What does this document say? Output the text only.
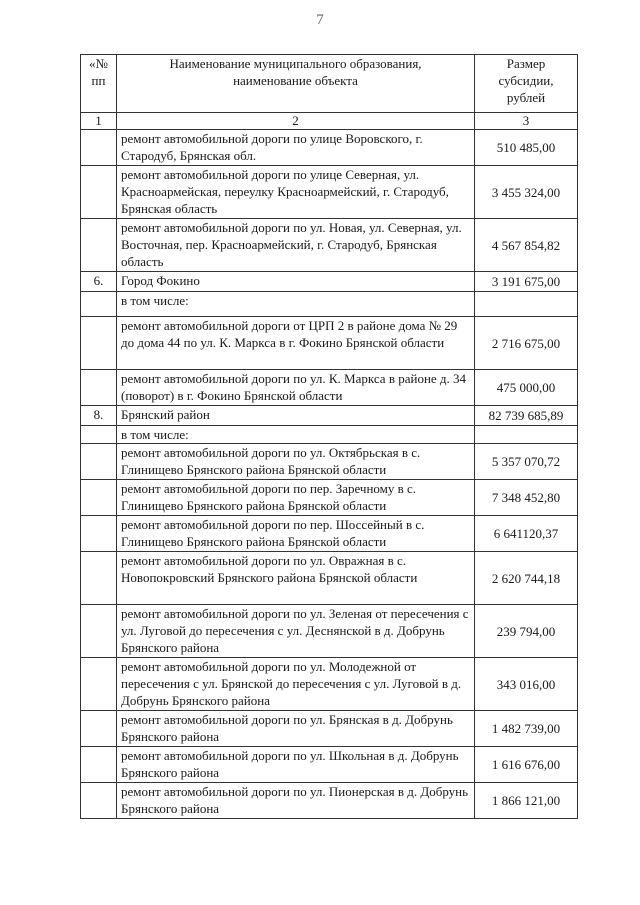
7
«№ пп	Наименование муниципального образования, наименование объекта	Размер субсидии, рублей
1	2	3
	ремонт автомобильной дороги по улице Воровского, г. Стародуб, Брянская обл.	510 485,00
	ремонт автомобильной дороги по улице Северная, ул. Красноармейская, переулку Красноармейский, г. Стародуб, Брянская область	3 455 324,00
	ремонт автомобильной дороги по ул. Новая, ул. Северная, ул. Восточная, пер. Красноармейский, г. Стародуб, Брянская область	4 567 854,82
6.	Город Фокино	3 191 675,00
	в том числе:	
	ремонт автомобильной дороги от ЦРП 2 в районе дома № 29 до дома 44 по ул. К. Маркса в г. Фокино Брянской области	2 716 675,00
	ремонт автомобильной дороги по ул. К. Маркса в районе д. 34 (поворот) в г. Фокино Брянской области	475 000,00
8.	Брянский район	82 739 685,89
	в том числе:	
	ремонт автомобильной дороги по ул. Октябрьская в с. Глинищево Брянского района Брянской области	5 357 070,72
	ремонт автомобильной дороги по пер. Заречному в с. Глинищево Брянского района Брянской области	7 348 452,80
	ремонт автомобильной дороги по пер. Шоссейный в с. Глинищево Брянского района Брянской области	6 641120,37
	ремонт автомобильной дороги по ул. Овражная в с. Новопокровский Брянского района Брянской области	2 620 744,18
	ремонт автомобильной дороги по ул. Зеленая от пересечения с ул. Луговой до пересечения с ул. Деснянской в д. Добрунь Брянского района	239 794,00
	ремонт автомобильной дороги по ул. Молодежной от пересечения с ул. Брянской до пересечения с ул. Луговой в д. Добрунь Брянского района	343 016,00
	ремонт автомобильной дороги по ул. Брянская в д. Добрунь Брянского района	1 482 739,00
	ремонт автомобильной дороги по ул. Школьная в д. Добрунь Брянского района	1 616 676,00
	ремонт автомобильной дороги по ул. Пионерская в д. Добрунь Брянского района	1 866 121,00
